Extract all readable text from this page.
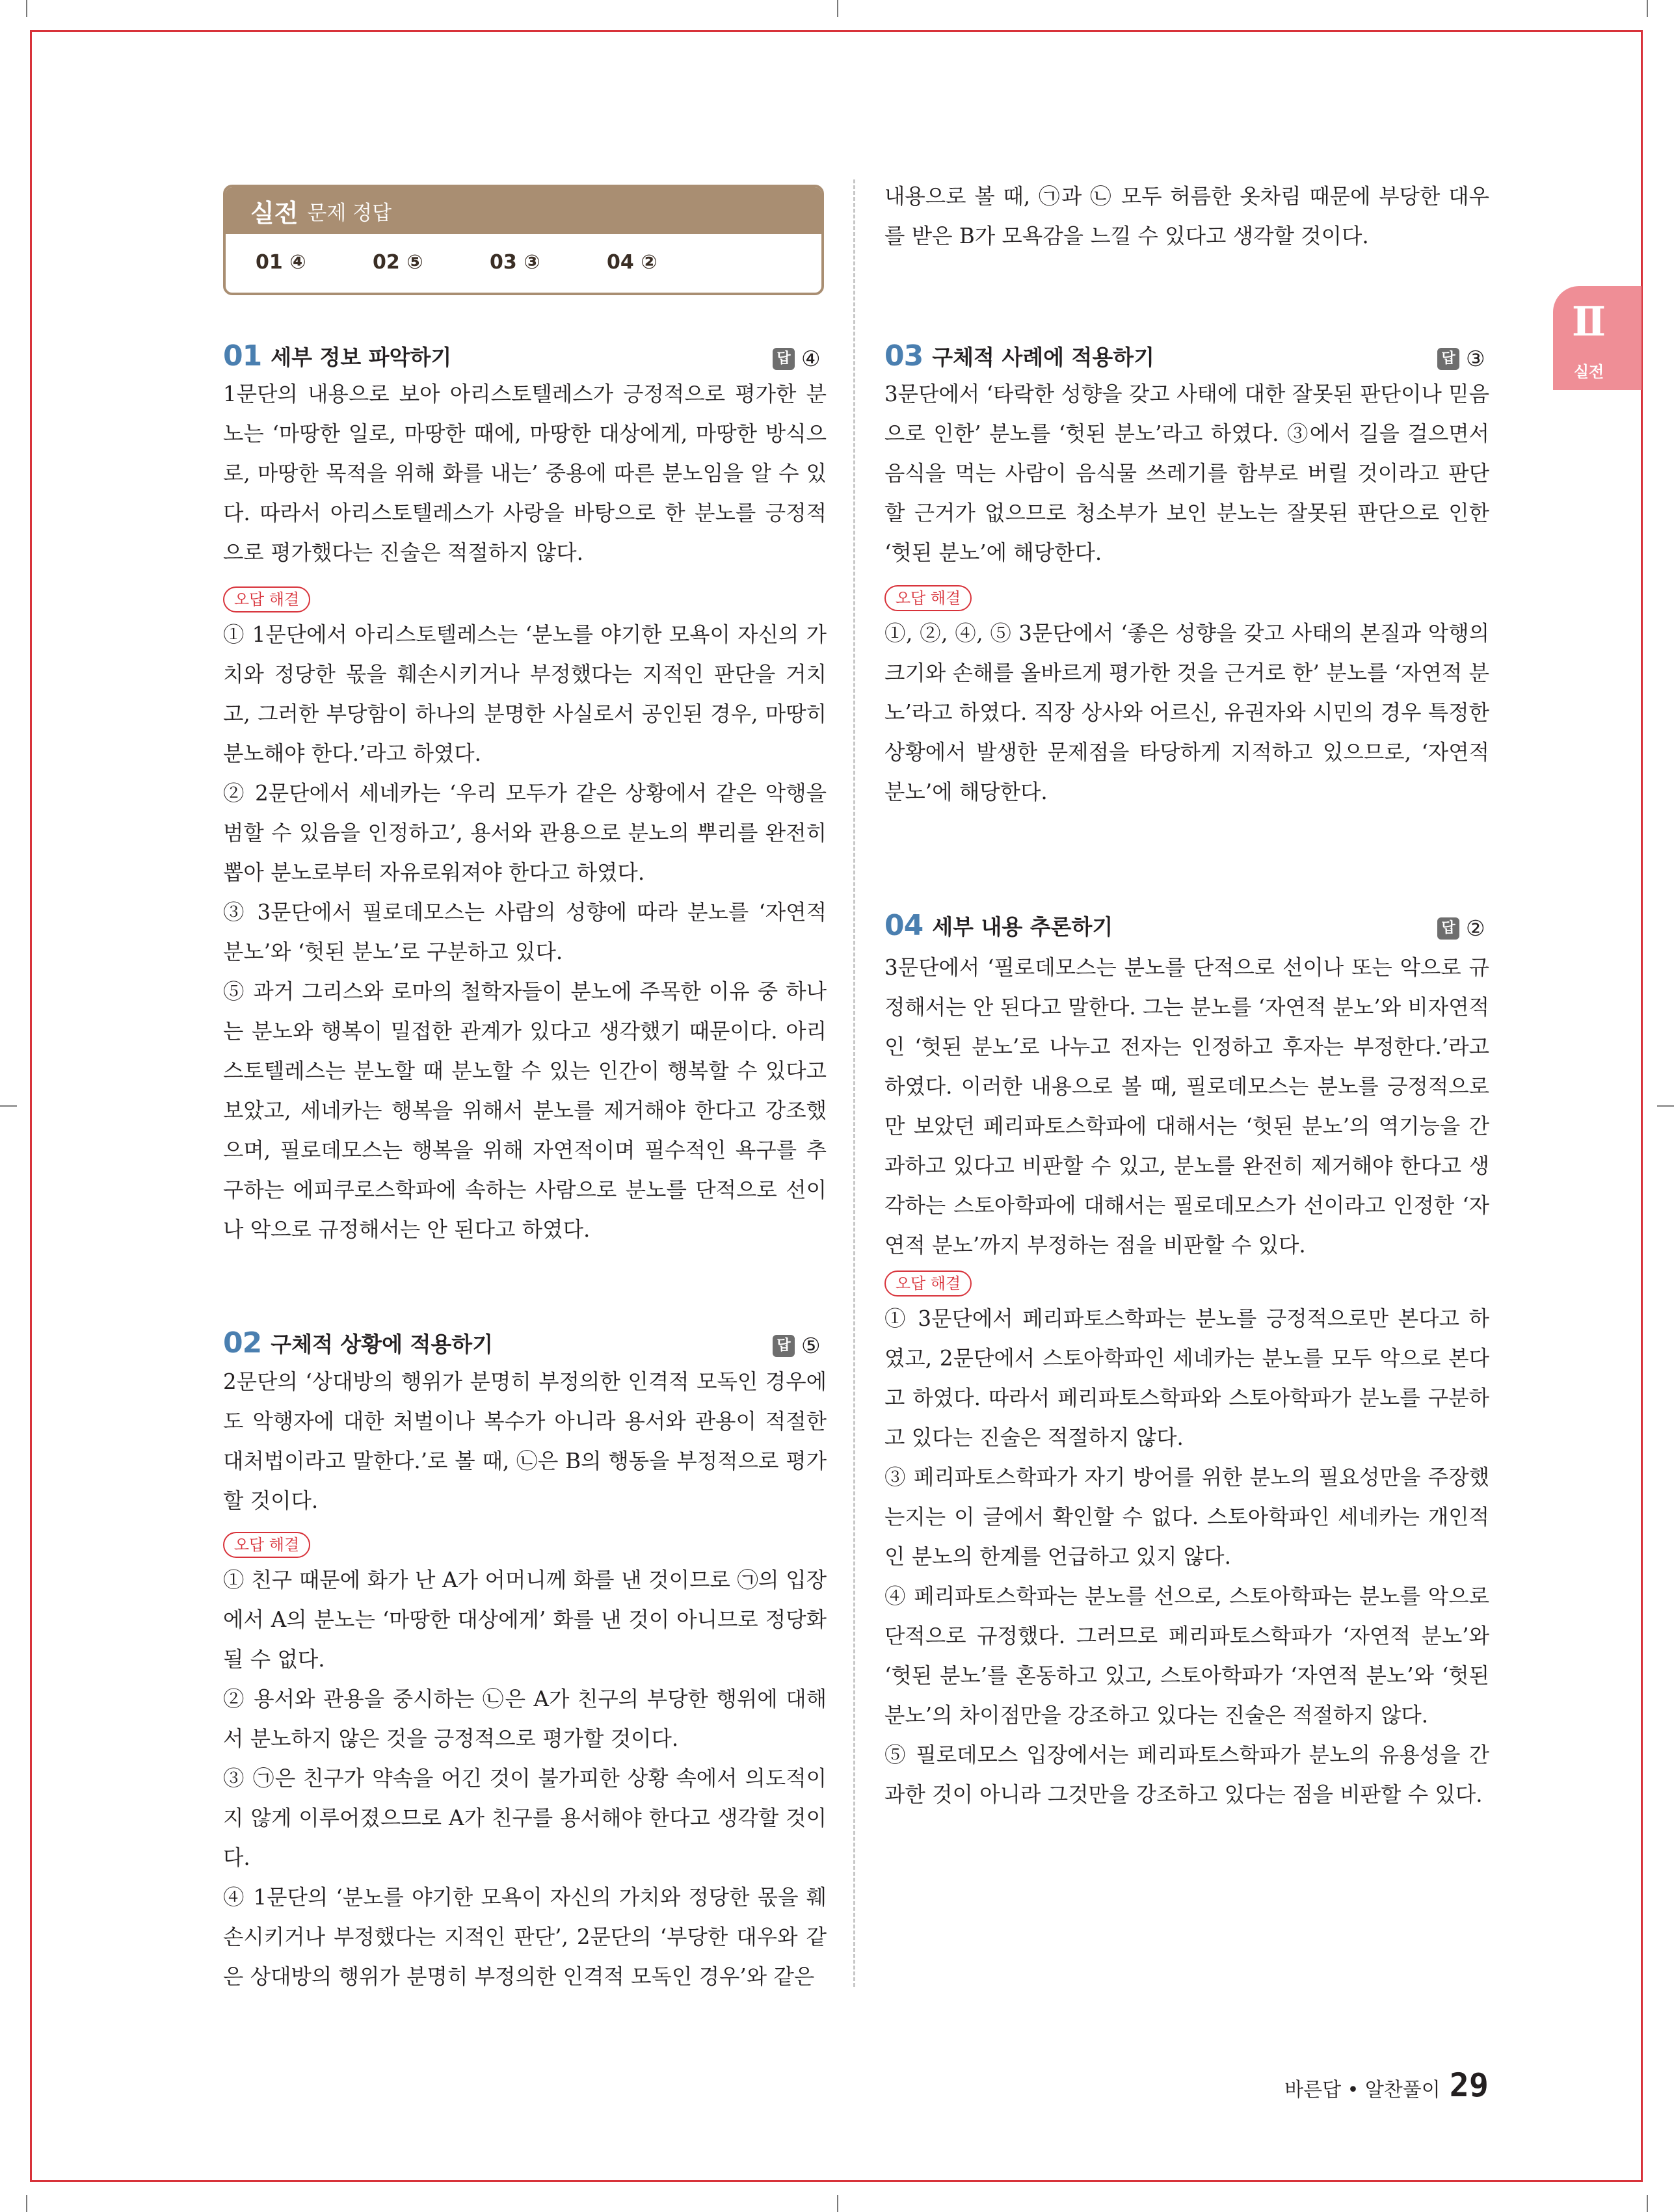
실전 문제 정답
01 ④	02 ⑤	03 ③	04 ②
Ⅱ
실전
01 세부 정보 파악하기	답 ④

1문단의 내용으로 보아 아리스토텔레스가 긍정적으로 평가한 분노는 ‘마땅한 일로, 마땅한 때에, 마땅한 대상에게, 마땅한 방식으로, 마땅한 목적을 위해 화를 내는’ 중용에 따른 분노임을 알 수 있다. 따라서 아리스토텔레스가 사랑을 바탕으로 한 분노를 긍정적으로 평가했다는 진술은 적절하지 않다.

오답 해결

① 1문단에서 아리스토텔레스는 ‘분노를 야기한 모욕이 자신의 가치와 정당한 몫을 훼손시키거나 부정했다는 지적인 판단을 거치고, 그러한 부당함이 하나의 분명한 사실로서 공인된 경우, 마땅히 분노해야 한다.’라고 하였다.

② 2문단에서 세네카는 ‘우리 모두가 같은 상황에서 같은 악행을 범할 수 있음을 인정하고’, 용서와 관용으로 분노의 뿌리를 완전히 뽑아 분노로부터 자유로워져야 한다고 하였다.

③ 3문단에서 필로데모스는 사람의 성향에 따라 분노를 ‘자연적 분노’와 ‘헛된 분노’로 구분하고 있다.

⑤ 과거 그리스와 로마의 철학자들이 분노에 주목한 이유 중 하나는 분노와 행복이 밀접한 관계가 있다고 생각했기 때문이다. 아리스토텔레스는 분노할 때 분노할 수 있는 인간이 행복할 수 있다고 보았고, 세네카는 행복을 위해서 분노를 제거해야 한다고 강조했으며, 필로데모스는 행복을 위해 자연적이며 필수적인 욕구를 추구하는 에피쿠로스학파에 속하는 사람으로 분노를 단적으로 선이나 악으로 규정해서는 안 된다고 하였다.

02 구체적 상황에 적용하기	답 ⑤

2문단의 ‘상대방의 행위가 분명히 부정의한 인격적 모독인 경우에도 악행자에 대한 처벌이나 복수가 아니라 용서와 관용이 적절한 대처법이라고 말한다.’로 볼 때, ㉡은 B의 행동을 부정적으로 평가할 것이다.

오답 해결

① 친구 때문에 화가 난 A가 어머니께 화를 낸 것이므로 ㉠의 입장에서 A의 분노는 ‘마땅한 대상에게’ 화를 낸 것이 아니므로 정당화될 수 없다.

② 용서와 관용을 중시하는 ㉡은 A가 친구의 부당한 행위에 대해서 분노하지 않은 것을 긍정적으로 평가할 것이다.

③ ㉠은 친구가 약속을 어긴 것이 불가피한 상황 속에서 의도적이지 않게 이루어졌으므로 A가 친구를 용서해야 한다고 생각할 것이다.

④ 1문단의 ‘분노를 야기한 모욕이 자신의 가치와 정당한 몫을 훼손시키거나 부정했다는 지적인 판단’, 2문단의 ‘부당한 대우와 같은 상대방의 행위가 분명히 부정의한 인격적 모독인 경우’와 같은

내용으로 볼 때, ㉠과 ㉡ 모두 허름한 옷차림 때문에 부당한 대우를 받은 B가 모욕감을 느낄 수 있다고 생각할 것이다.

03 구체적 사례에 적용하기	답 ③

3문단에서 ‘타락한 성향을 갖고 사태에 대한 잘못된 판단이나 믿음으로 인한’ 분노를 ‘헛된 분노’라고 하였다. ③에서 길을 걸으면서 음식을 먹는 사람이 음식물 쓰레기를 함부로 버릴 것이라고 판단할 근거가 없으므로 청소부가 보인 분노는 잘못된 판단으로 인한 ‘헛된 분노’에 해당한다.

오답 해결

①, ②, ④, ⑤ 3문단에서 ‘좋은 성향을 갖고 사태의 본질과 악행의 크기와 손해를 올바르게 평가한 것을 근거로 한’ 분노를 ‘자연적 분노’라고 하였다. 직장 상사와 어르신, 유권자와 시민의 경우 특정한 상황에서 발생한 문제점을 타당하게 지적하고 있으므로, ‘자연적 분노’에 해당한다.

04 세부 내용 추론하기	답 ②

3문단에서 ‘필로데모스는 분노를 단적으로 선이나 또는 악으로 규정해서는 안 된다고 말한다. 그는 분노를 ‘자연적 분노’와 비자연적인 ‘헛된 분노’로 나누고 전자는 인정하고 후자는 부정한다.’라고 하였다. 이러한 내용으로 볼 때, 필로데모스는 분노를 긍정적으로만 보았던 페리파토스학파에 대해서는 ‘헛된 분노’의 역기능을 간과하고 있다고 비판할 수 있고, 분노를 완전히 제거해야 한다고 생각하는 스토아학파에 대해서는 필로데모스가 선이라고 인정한 ‘자연적 분노’까지 부정하는 점을 비판할 수 있다.

오답 해결

① 3문단에서 페리파토스학파는 분노를 긍정적으로만 본다고 하였고, 2문단에서 스토아학파인 세네카는 분노를 모두 악으로 본다고 하였다. 따라서 페리파토스학파와 스토아학파가 분노를 구분하고 있다는 진술은 적절하지 않다.

③ 페리파토스학파가 자기 방어를 위한 분노의 필요성만을 주장했는지는 이 글에서 확인할 수 없다. 스토아학파인 세네카는 개인적인 분노의 한계를 언급하고 있지 않다.

④ 페리파토스학파는 분노를 선으로, 스토아학파는 분노를 악으로 단적으로 규정했다. 그러므로 페리파토스학파가 ‘자연적 분노’와 ‘헛된 분노’를 혼동하고 있고, 스토아학파가 ‘자연적 분노’와 ‘헛된 분노’의 차이점만을 강조하고 있다는 진술은 적절하지 않다.

⑤ 필로데모스 입장에서는 페리파토스학파가 분노의 유용성을 간과한 것이 아니라 그것만을 강조하고 있다는 점을 비판할 수 있다.

바른답 • 알찬풀이 29
